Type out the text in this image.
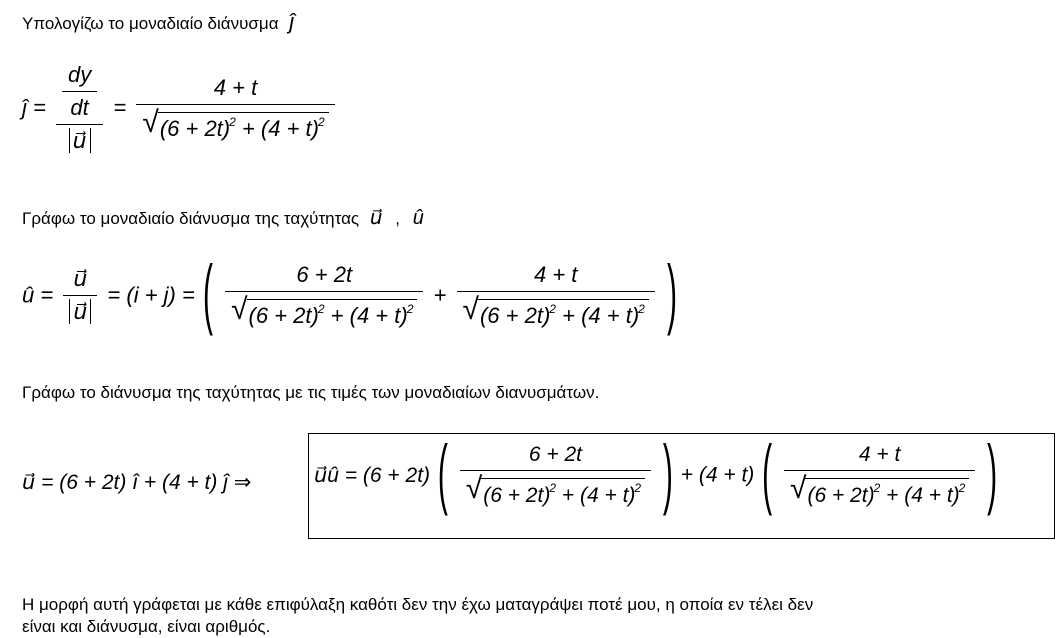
Υπολογίζω το μοναδιαίο διάνυσμα ĵ
ĵ = $\frac{\frac{dy}{dt}}{u⃗} = \frac{4 + t}{√ (6 + 2t)^2 + (4 + t)^2}$
Γράφω το μοναδιαίο διάνυσμα της ταχύτητας u⃗ , û
û = $\frac{u⃗}{u⃗} = (i + j)$ = ( $\frac{6 + 2t}{√ (6 + 2t)^2 + (4 + t)^2} + \frac{4 + t}{√ (6 + 2t)^2 + (4 + t)^2}$ )
Γράφω το διάνυσμα της ταχύτητας με τις τιμές των μοναδιαίων διανυσμάτων.
u⃗ = (6 + 2t) î + (4 + t) ĵ ⇒	u⃗û = (6 + 2t) ( $\frac{6 + 2t}{√ (6 + 2t)^2 + (4 + t)^2}$ ) + (4 + t) ( $\frac{4 + t}{√ (6 + 2t)^2 + (4 + t)^2}$ )
Η μορφή αυτή γράφεται με κάθε επιφύλαξη καθότι δεν την έχω ματαγράψει ποτέ μου, η οποία εν τέλει δεν
είναι και διάνυσμα, είναι αριθμός.
